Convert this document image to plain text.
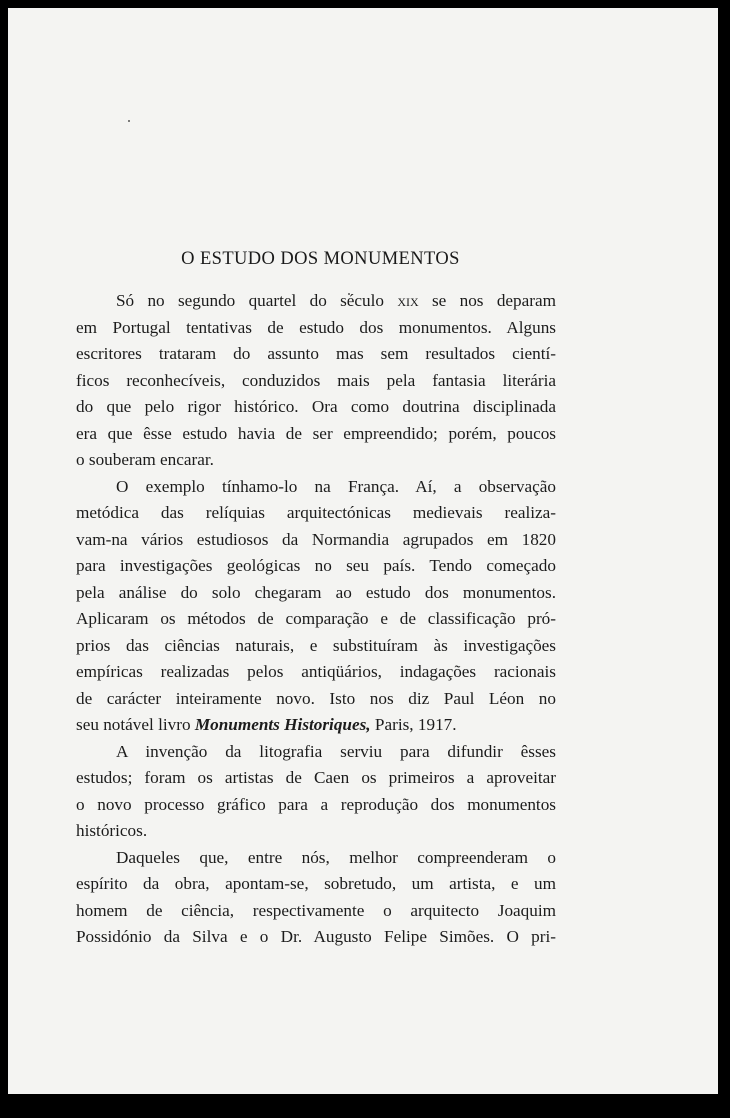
O ESTUDO DOS MONUMENTOS

Só no segundo quartel do século xix se nos deparam

em Portugal tentativas de estudo dos monumentos. Alguns

escritores trataram do assunto mas sem resultados cientí-

ficos reconhecíveis, conduzidos mais pela fantasia literária

do que pelo rigor histórico. Ora como doutrina disciplinada

era que êsse estudo havia de ser empreendido; porém, poucos

o souberam encarar.

O exemplo tínhamo-lo na França. Aí, a observação

metódica das relíquias arquitectónicas medievais realiza-

vam-na vários estudiosos da Normandia agrupados em 1820

para investigações geológicas no seu país. Tendo começado

pela análise do solo chegaram ao estudo dos monumentos.

Aplicaram os métodos de comparação e de classificação pró-

prios das ciências naturais, e substituíram às investigações

empíricas realizadas pelos antiqüários, indagações racionais

de carácter inteiramente novo. Isto nos diz Paul Léon no

seu notável livro Monuments Historiques, Paris, 1917.

A invenção da litografia serviu para difundir êsses

estudos; foram os artistas de Caen os primeiros a aproveitar

o novo processo gráfico para a reprodução dos monumentos

históricos.

Daqueles que, entre nós, melhor compreenderam o

espírito da obra, apontam-se, sobretudo, um artista, e um

homem de ciência, respectivamente o arquitecto Joaquim

Possidónio da Silva e o Dr. Augusto Felipe Simões. O pri-
